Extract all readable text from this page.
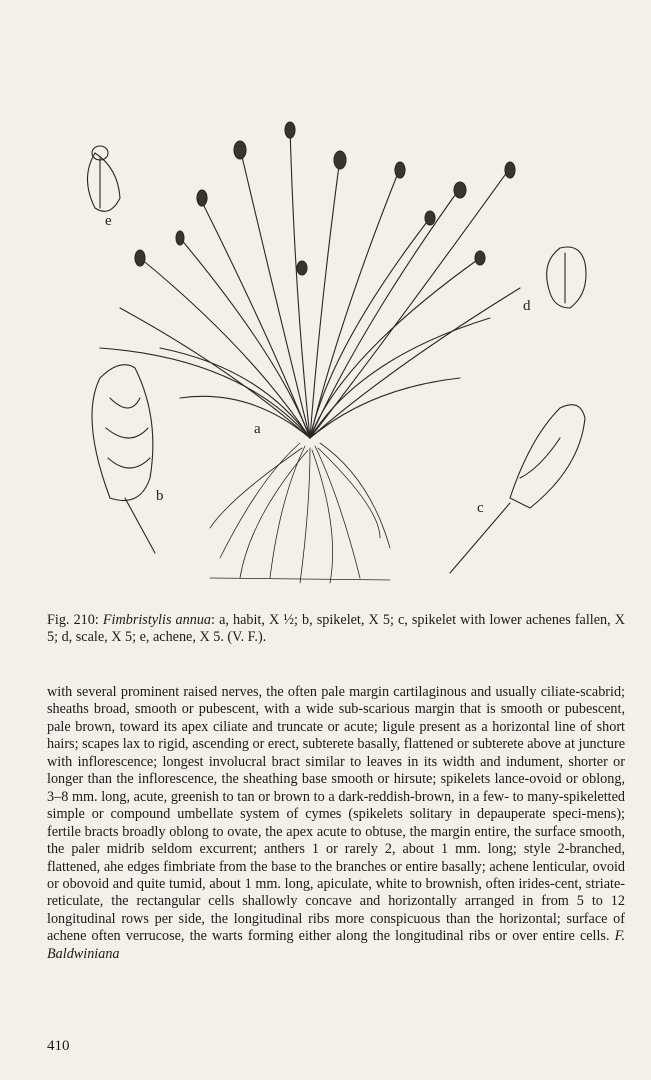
e
d
a
b
c
Fig. 210: Fimbristylis annua: a, habit, X ½; b, spikelet, X 5; c, spikelet with lower achenes fallen, X 5; d, scale, X 5; e, achene, X 5. (V. F.).

with several prominent raised nerves, the often pale margin cartilaginous and usually ciliate-scabrid; sheaths broad, smooth or pubescent, with a wide sub-scarious margin that is smooth or pubescent, pale brown, toward its apex ciliate and truncate or acute; ligule present as a horizontal line of short hairs; scapes lax to rigid, ascending or erect, subterete basally, flattened or subterete above at juncture with inflorescence; longest involucral bract similar to leaves in its width and indument, shorter or longer than the inflorescence, the sheathing base smooth or hirsute; spikelets lance-ovoid or oblong, 3–8 mm. long, acute, greenish to tan or brown to a dark-reddish-brown, in a few- to many-spikeletted simple or compound umbellate system of cymes (spikelets solitary in depauperate speci-mens); fertile bracts broadly oblong to ovate, the apex acute to obtuse, the margin entire, the surface smooth, the paler midrib seldom excurrent; anthers 1 or rarely 2, about 1 mm. long; style 2-branched, flattened, ahe edges fimbriate from the base to the branches or entire basally; achene lenticular, ovoid or obovoid and quite tumid, about 1 mm. long, apiculate, white to brownish, often irides-cent, striate-reticulate, the rectangular cells shallowly concave and horizontally arranged in from 5 to 12 longitudinal rows per side, the longitudinal ribs more conspicuous than the horizontal; surface of achene often verrucose, the warts forming either along the longitudinal ribs or over entire cells. F. Baldwiniana

410
